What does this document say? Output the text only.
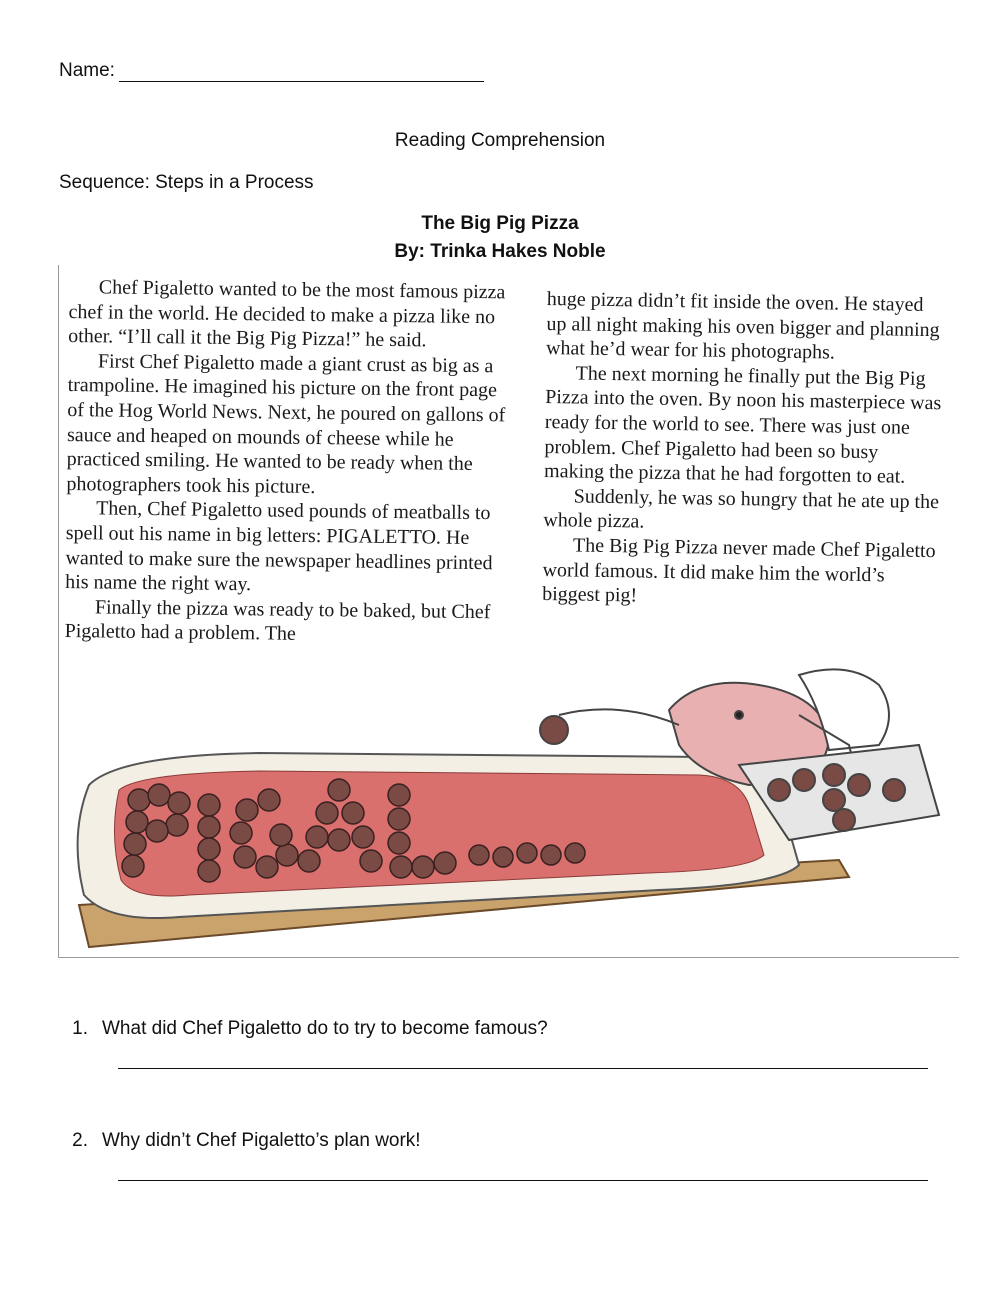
Name:
Reading Comprehension
Sequence: Steps in a Process
The Big Pig Pizza
By: Trinka Hakes Noble

Chef Pigaletto wanted to be the most famous pizza chef in the world. He decided to make a pizza like no other. “I’ll call it the Big Pig Pizza!” he said.

First Chef Pigaletto made a giant crust as big as a trampoline. He imagined his picture on the front page of the Hog World News. Next, he poured on gallons of sauce and heaped on mounds of cheese while he practiced smiling. He wanted to be ready when the photographers took his picture.

Then, Chef Pigaletto used pounds of meatballs to spell out his name in big letters: PIGALETTO. He wanted to make sure the newspaper headlines printed his name the right way.

Finally the pizza was ready to be baked, but Chef Pigaletto had a problem. The

huge pizza didn’t fit inside the oven. He stayed up all night making his oven bigger and planning what he’d wear for his photographs.

The next morning he finally put the Big Pig Pizza into the oven. By noon his masterpiece was ready for the world to see. There was just one problem. Chef Pigaletto had been so busy making the pizza that he had forgotten to eat.

Suddenly, he was so hungry that he ate up the whole pizza.

The Big Pig Pizza never made Chef Pigaletto world famous. It did make him the world’s biggest pig!

1. What did Chef Pigaletto do to try to become famous?
2. Why didn’t Chef Pigaletto’s plan work!
